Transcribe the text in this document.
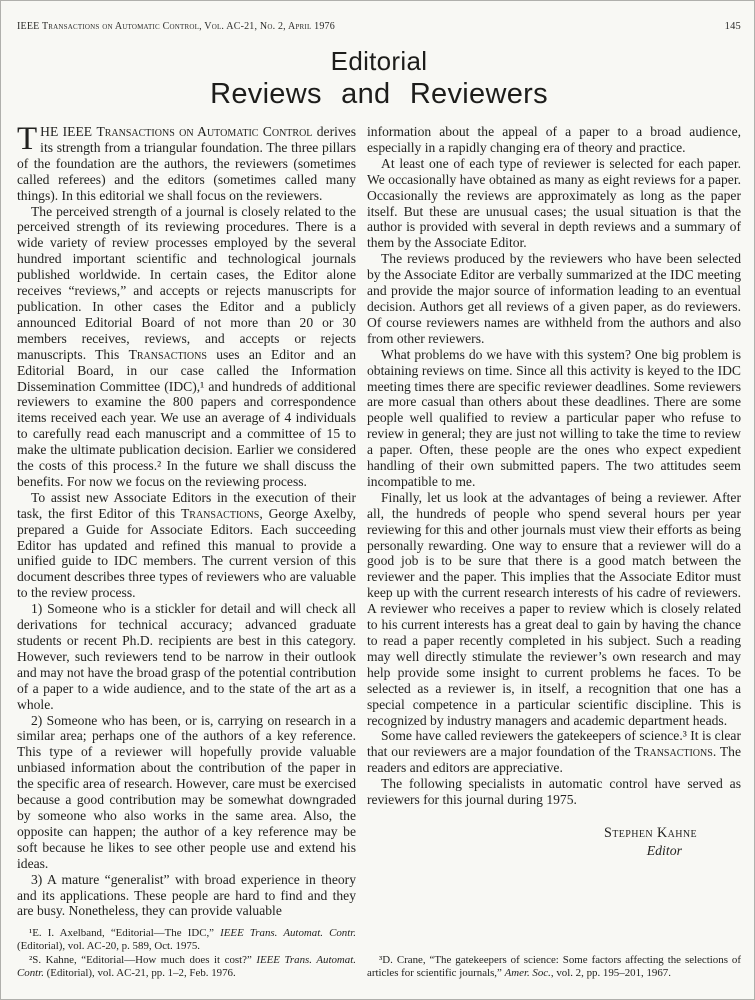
IEEE Transactions on Automatic Control, Vol. AC-21, No. 2, April 1976	145
Editorial
Reviews and Reviewers

THE IEEE Transactions on Automatic Control derives its strength from a triangular foundation. The three pillars of the foundation are the authors, the reviewers (sometimes called referees) and the editors (sometimes called many things). In this editorial we shall focus on the reviewers.

The perceived strength of a journal is closely related to the perceived strength of its reviewing procedures. There is a wide variety of review processes employed by the several hundred important scientific and technological journals published worldwide. In certain cases, the Editor alone receives “reviews,” and accepts or rejects manuscripts for publication. In other cases the Editor and a publicly announced Editorial Board of not more than 20 or 30 members receives, reviews, and accepts or rejects manuscripts. This Transactions uses an Editor and an Editorial Board, in our case called the Information Dissemination Committee (IDC),¹ and hundreds of additional reviewers to examine the 800 papers and correspondence items received each year. We use an average of 4 individuals to carefully read each manuscript and a committee of 15 to make the ultimate publication decision. Earlier we considered the costs of this process.² In the future we shall discuss the benefits. For now we focus on the reviewing process.

To assist new Associate Editors in the execution of their task, the first Editor of this Transactions, George Axelby, prepared a Guide for Associate Editors. Each succeeding Editor has updated and refined this manual to provide a unified guide to IDC members. The current version of this document describes three types of reviewers who are valuable to the review process.

1) Someone who is a stickler for detail and will check all derivations for technical accuracy; advanced graduate students or recent Ph.D. recipients are best in this category. However, such reviewers tend to be narrow in their outlook and may not have the broad grasp of the potential contribution of a paper to a wide audience, and to the state of the art as a whole.

2) Someone who has been, or is, carrying on research in a similar area; perhaps one of the authors of a key reference. This type of a reviewer will hopefully provide valuable unbiased information about the contribution of the paper in the specific area of research. However, care must be exercised because a good contribution may be somewhat downgraded by someone who also works in the same area. Also, the opposite can happen; the author of a key reference may be soft because he likes to see other people use and extend his ideas.

3) A mature “generalist” with broad experience in theory and its applications. These people are hard to find and they are busy. Nonetheless, they can provide valuable

¹E. I. Axelband, “Editorial—The IDC,” IEEE Trans. Automat. Contr. (Editorial), vol. AC-20, p. 589, Oct. 1975.

²S. Kahne, “Editorial—How much does it cost?” IEEE Trans. Automat. Contr. (Editorial), vol. AC-21, pp. 1–2, Feb. 1976.

information about the appeal of a paper to a broad audience, especially in a rapidly changing era of theory and practice.

At least one of each type of reviewer is selected for each paper. We occasionally have obtained as many as eight reviews for a paper. Occasionally the reviews are approximately as long as the paper itself. But these are unusual cases; the usual situation is that the author is provided with several in depth reviews and a summary of them by the Associate Editor.

The reviews produced by the reviewers who have been selected by the Associate Editor are verbally summarized at the IDC meeting and provide the major source of information leading to an eventual decision. Authors get all reviews of a given paper, as do reviewers. Of course reviewers names are withheld from the authors and also from other reviewers.

What problems do we have with this system? One big problem is obtaining reviews on time. Since all this activity is keyed to the IDC meeting times there are specific reviewer deadlines. Some reviewers are more casual than others about these deadlines. There are some people well qualified to review a particular paper who refuse to review in general; they are just not willing to take the time to review a paper. Often, these people are the ones who expect expedient handling of their own submitted papers. The two attitudes seem incompatible to me.

Finally, let us look at the advantages of being a reviewer. After all, the hundreds of people who spend several hours per year reviewing for this and other journals must view their efforts as being personally rewarding. One way to ensure that a reviewer will do a good job is to be sure that there is a good match between the reviewer and the paper. This implies that the Associate Editor must keep up with the current research interests of his cadre of reviewers. A reviewer who receives a paper to review which is closely related to his current interests has a great deal to gain by having the chance to read a paper recently completed in his subject. Such a reading may well directly stimulate the reviewer’s own research and may help provide some insight to current problems he faces. To be selected as a reviewer is, in itself, a recognition that one has a special competence in a particular scientific discipline. This is recognized by industry managers and academic department heads.

Some have called reviewers the gatekeepers of science.³ It is clear that our reviewers are a major foundation of the Transactions. The readers and editors are appreciative.

The following specialists in automatic control have served as reviewers for this journal during 1975.

Stephen Kahne
Editor

³D. Crane, “The gatekeepers of science: Some factors affecting the selections of articles for scientific journals,” Amer. Soc., vol. 2, pp. 195–201, 1967.
